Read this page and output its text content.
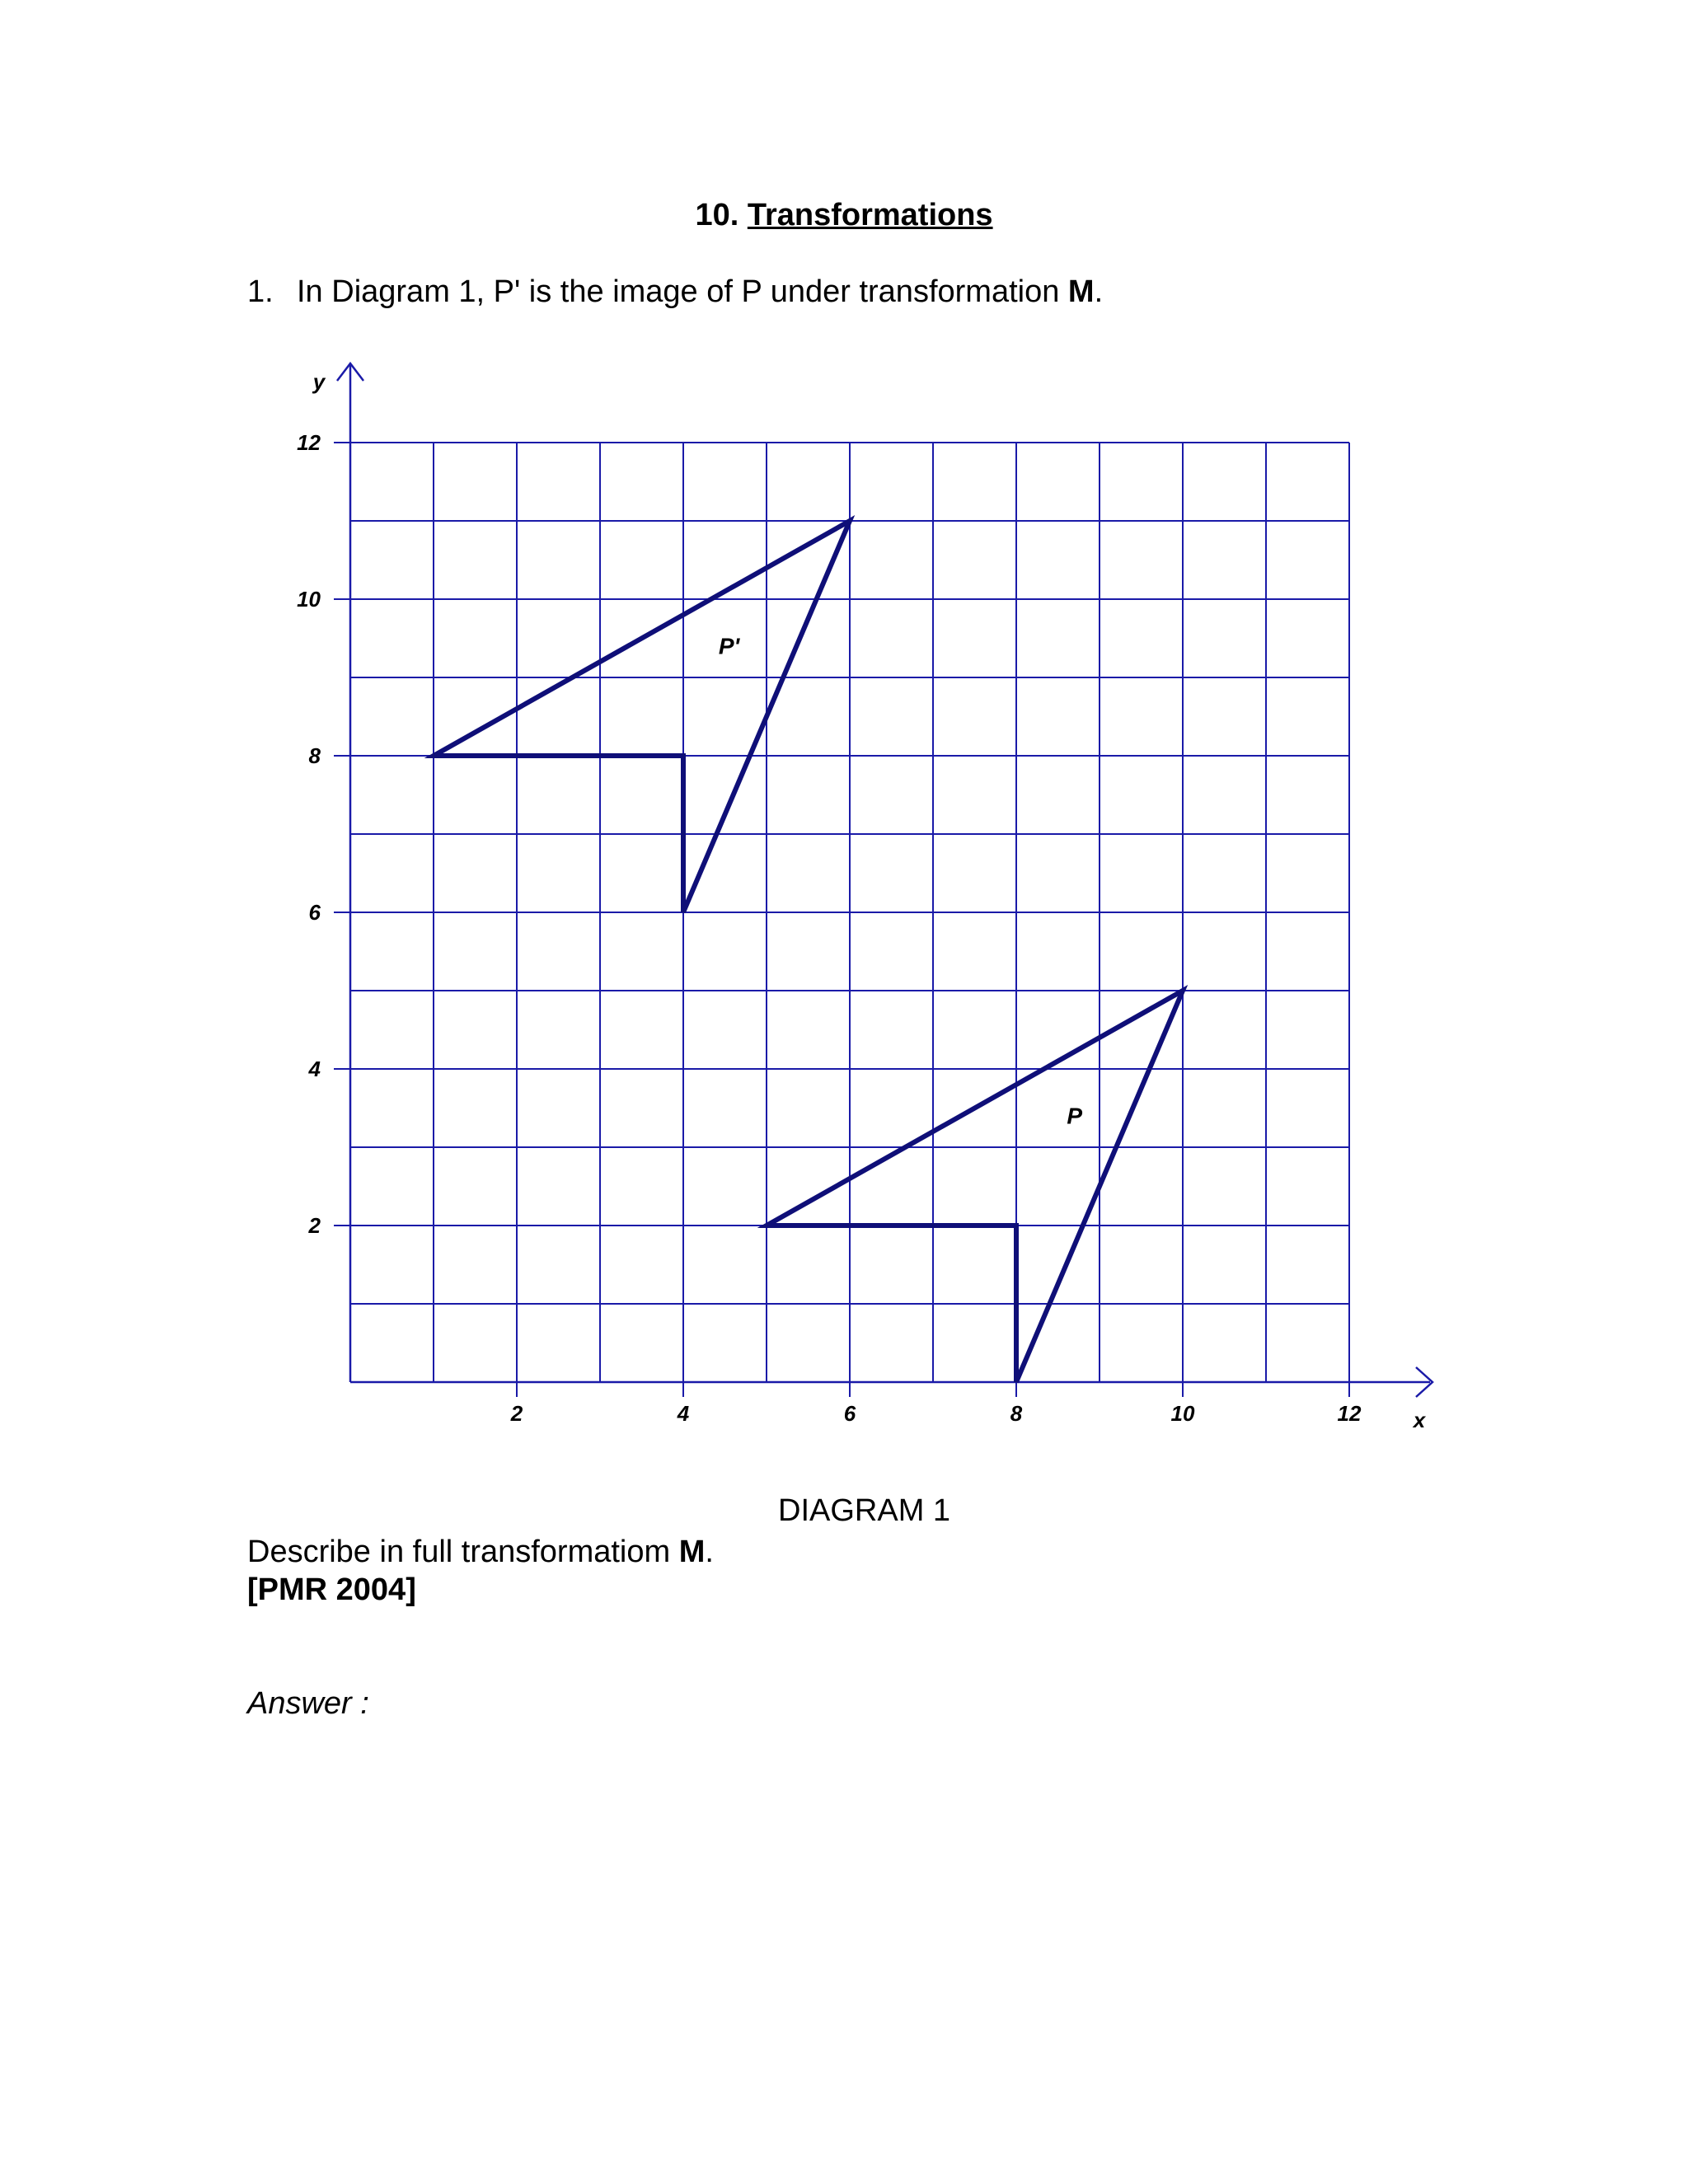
10. Transformations
1. In Diagram 1, P' is the image of P under transformation M.
x
y
2	4	6	8	10	12
2
4
6
8
10
12
P
P'
DIAGRAM 1
Describe in full transformatiom M.
[PMR 2004]
Answer :
